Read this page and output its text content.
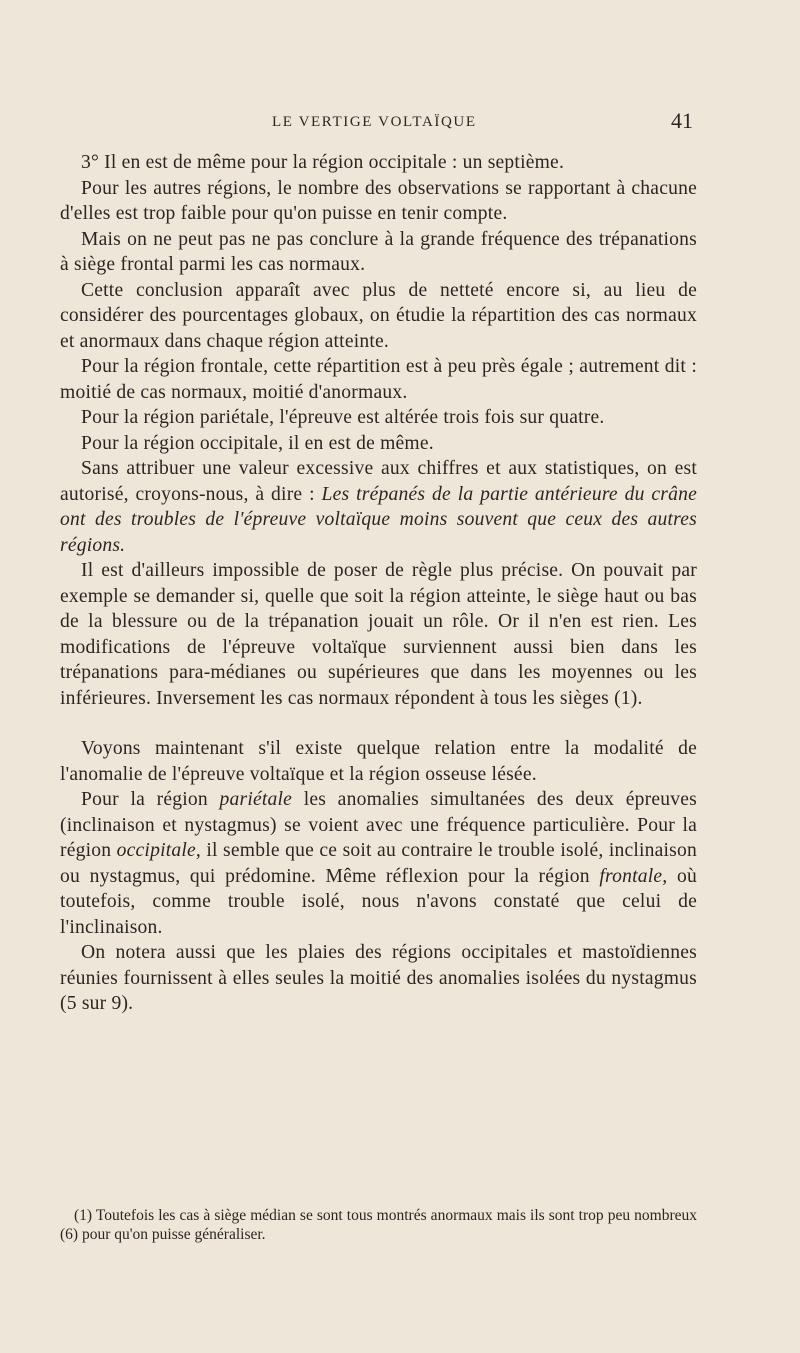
LE VERTIGE VOLTAÏQUE	41

3° Il en est de même pour la région occipitale : un septième.

Pour les autres régions, le nombre des observations se rapportant à chacune d'elles est trop faible pour qu'on puisse en tenir compte.

Mais on ne peut pas ne pas conclure à la grande fréquence des trépanations à siège frontal parmi les cas normaux.

Cette conclusion apparaît avec plus de netteté encore si, au lieu de considérer des pourcentages globaux, on étudie la répartition des cas normaux et anormaux dans chaque région atteinte.

Pour la région frontale, cette répartition est à peu près égale ; autrement dit : moitié de cas normaux, moitié d'anormaux.

Pour la région pariétale, l'épreuve est altérée trois fois sur quatre.

Pour la région occipitale, il en est de même.

Sans attribuer une valeur excessive aux chiffres et aux statistiques, on est autorisé, croyons-nous, à dire : Les trépanés de la partie antérieure du crâne ont des troubles de l'épreuve voltaïque moins souvent que ceux des autres régions.

Il est d'ailleurs impossible de poser de règle plus précise. On pouvait par exemple se demander si, quelle que soit la région atteinte, le siège haut ou bas de la blessure ou de la trépanation jouait un rôle. Or il n'en est rien. Les modifications de l'épreuve voltaïque surviennent aussi bien dans les trépanations para-médianes ou supérieures que dans les moyennes ou les inférieures. Inversement les cas normaux répondent à tous les sièges (1).

Voyons maintenant s'il existe quelque relation entre la modalité de l'anomalie de l'épreuve voltaïque et la région osseuse lésée.

Pour la région pariétale les anomalies simultanées des deux épreuves (inclinaison et nystagmus) se voient avec une fréquence particulière. Pour la région occipitale, il semble que ce soit au contraire le trouble isolé, inclinaison ou nystagmus, qui prédomine. Même réflexion pour la région frontale, où toutefois, comme trouble isolé, nous n'avons constaté que celui de l'inclinaison.

On notera aussi que les plaies des régions occipitales et mastoïdiennes réunies fournissent à elles seules la moitié des anomalies isolées du nystagmus (5 sur 9).

(1) Toutefois les cas à siège médian se sont tous montrés anormaux mais ils sont trop peu nombreux (6) pour qu'on puisse généraliser.
